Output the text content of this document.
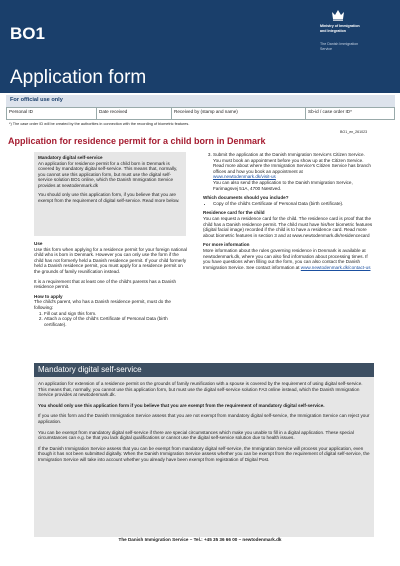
BO1
Application form
Ministry of Immigration and Integration
The Danish Immigration Service
For official use only
Personal ID	Date received	Received by (stamp and name)	Sb-id / case order ID*
*) The case order ID will be created by the authorities in connection with the recording of biometric features.
BO1_en_261023
Application for residence permit for a child born in Denmark
Mandatory digital self-service

An application for residence permit for a child born in Denmark is covered by mandatory digital self-service. This means that, normally, you cannot use this application form, but must use the digital self-service solution BO1 online, which the Danish Immigration Service provides at newtodenmark.dk

You should only use this application form, if you believe that you are exempt from the requirement of digital self-service. Read more below.

Use

Use this form when applying for a residence permit for your foreign national child who is born in Denmark. However you can only use the form if the child has not formerly held a Danish residence permit. If your child formerly held a Danish residence permit, you must apply for a residence permit on the grounds of family reunification instead.

It is a requirement that at least one of the child's parents has a Danish residence permit.

How to apply

The child's parent, who has a Danish residence permit, must do the following:

1. Fill out and sign this form.
2. Attach a copy of the child's Certificate of Personal Data (birth certificate).
3. Submit the application at the Danish Immigration Service's Citizen Service. You must book an appointment before you show up at the Citizen Service. Read more about where the Immigration Service's Citizen Service has branch offices and how you book an appointment at
www.newtodenmark.dk/visit-us
You can also send the application to the Danish Immigration Service, Farimagsvej 51A, 4700 Næstved.
Which documents should you include?
• Copy of the child's Certificate of Personal Data (birth certificate).
Residence card for the child

You can request a residence card for the child. The residence card is proof that the child has a Danish residence permit. The child must have his/her biometric features (digital facial image) recorded if the child is to have a residence card. Read more about biometric features in section 3 and at www.newtodenmark.dk/residencecard

For more information

More information about the rules governing residence in Denmark is available at newtodenmark.dk, where you can also find information about processing times. If you have questions when filling out the form, you can also contact the Danish Immigration Service. See contact information at www.newtodenmark.dk/contact-us

Mandatory digital self-service

An application for extension of a residence permit on the grounds of family reunification with a spouse is covered by the requirement of using digital self-service. This means that, normally, you cannot use this application form, but must use the digital self-service solution FA3 online instead, which the Danish Immigration Service provides at newtodenmark.dk.

You should only use this application form if you believe that you are exempt from the requirement of mandatory digital self-service.

If you use this form and the Danish Immigration Service assess that you are not exempt from mandatory digital self-service, the Immigration Service can reject your application.

You can be exempt from mandatory digital self-service if there are special circumstances which make you unable to fill in a digital application. These special circumstances can e.g. be that you lack digital qualifications or cannot use the digital self-service solution due to health issues.

If the Danish Immigration Service assess that you can be exempt from mandatory digital self-service, the Immigration Service will process your application, even though it has not been submitted digitally. When the Danish Immigration Service assess whether you can be exempt from the requirement of digital self-service, the Immigration Service will take into account whether you already have been exempt from registration of Digital Post.

The Danish Immigration Service – Tel.: +45 35 36 66 00 – newtodenmark.dk
